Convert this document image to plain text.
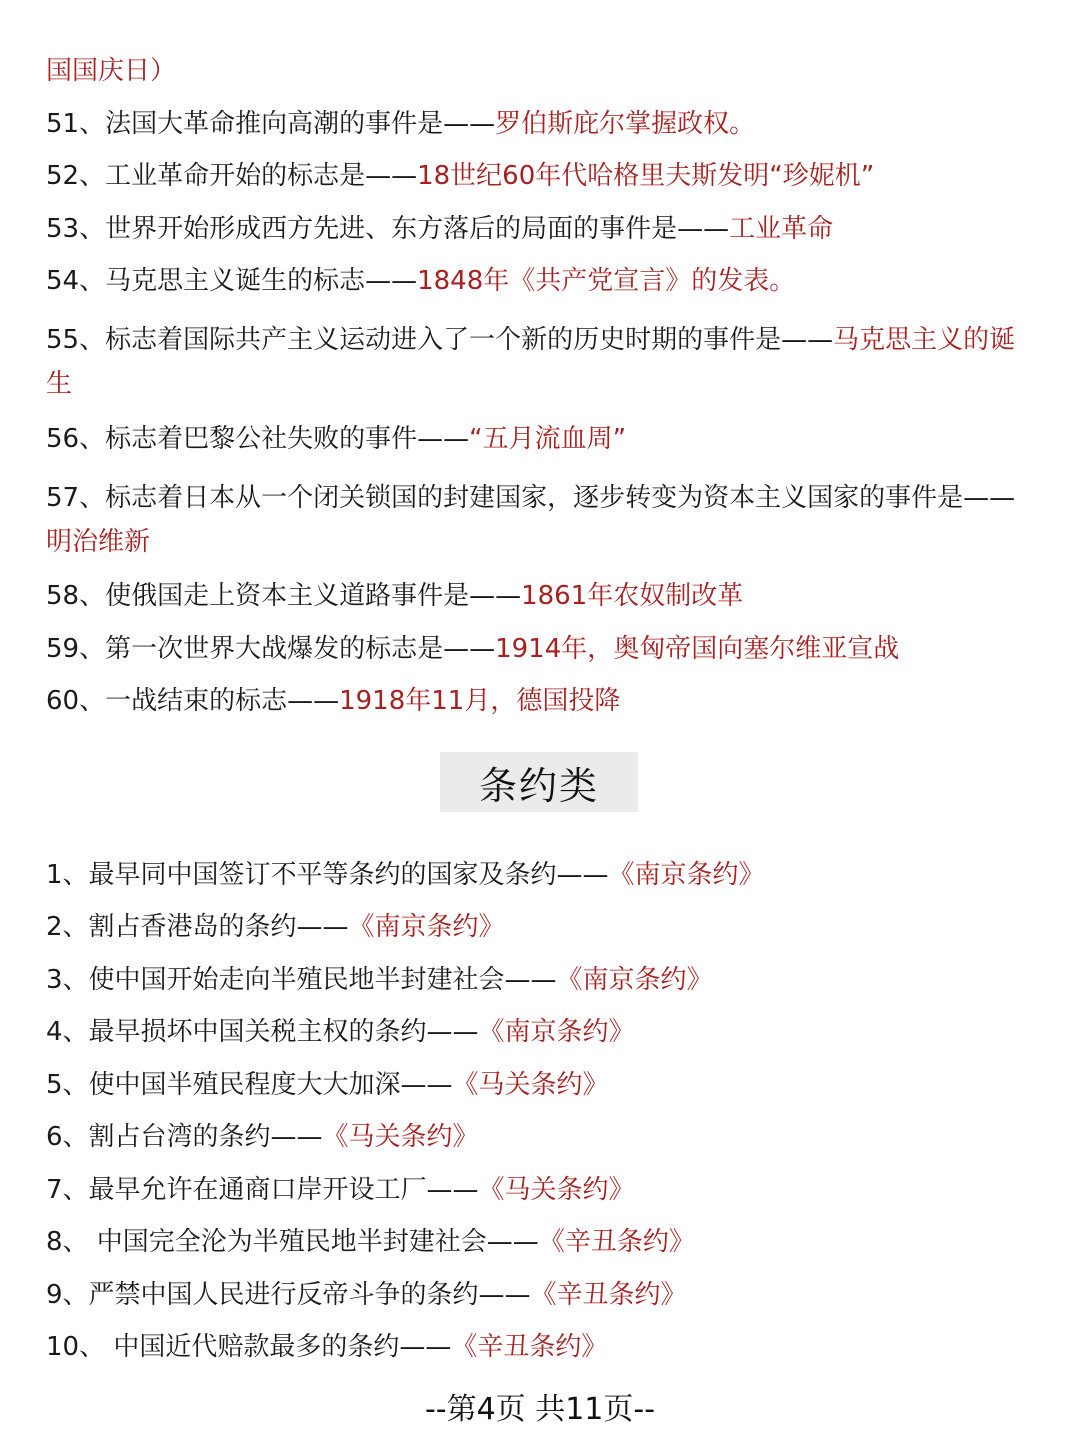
国国庆日）
51、法国大革命推向高潮的事件是——罗伯斯庇尔掌握政权。
52、工业革命开始的标志是——18世纪60年代哈格里夫斯发明“珍妮机”
53、世界开始形成西方先进、东方落后的局面的事件是——工业革命
54、马克思主义诞生的标志——1848年《共产党宣言》的发表。
55、标志着国际共产主义运动进入了一个新的历史时期的事件是——马克思主义的诞生
56、标志着巴黎公社失败的事件——“五月流血周”
57、标志着日本从一个闭关锁国的封建国家，逐步转变为资本主义国家的事件是——明治维新
58、使俄国走上资本主义道路事件是——1861年农奴制改革
59、第一次世界大战爆发的标志是——1914年，奥匈帝国向塞尔维亚宣战
60、一战结束的标志——1918年11月，德国投降
条约类
1、最早同中国签订不平等条约的国家及条约——《南京条约》
2、割占香港岛的条约——《南京条约》
3、使中国开始走向半殖民地半封建社会——《南京条约》
4、最早损坏中国关税主权的条约——《南京条约》
5、使中国半殖民程度大大加深——《马关条约》
6、割占台湾的条约——《马关条约》
7、最早允许在通商口岸开设工厂——《马关条约》
8、 中国完全沦为半殖民地半封建社会——《辛丑条约》
9、严禁中国人民进行反帝斗争的条约——《辛丑条约》
10、 中国近代赔款最多的条约——《辛丑条约》
--第4页 共11页--
